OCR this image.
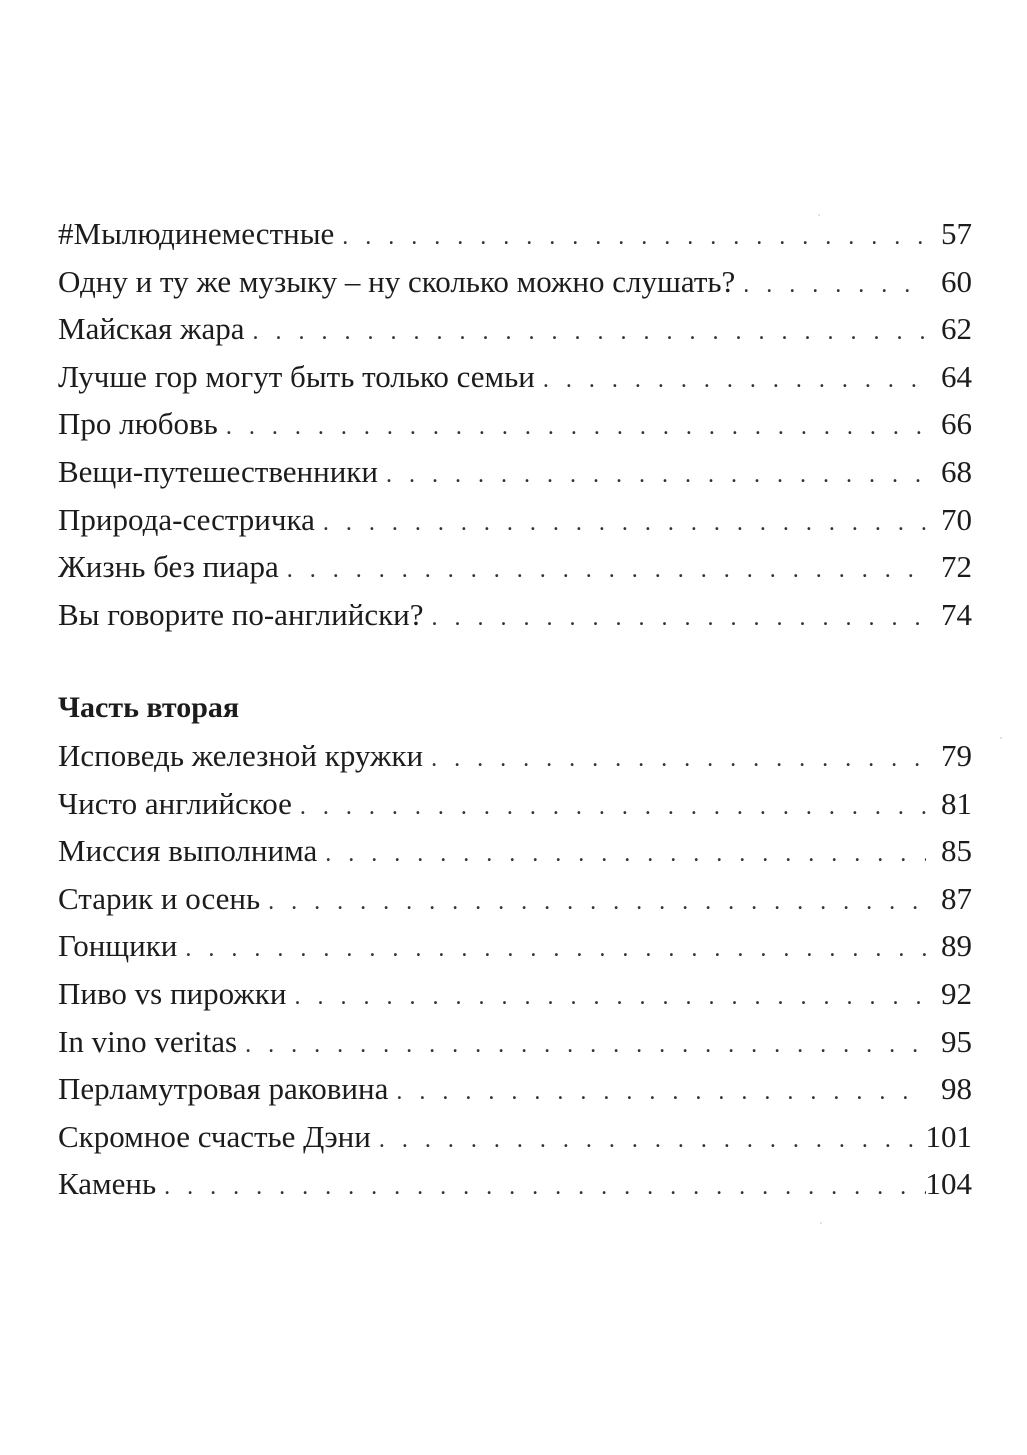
#Мылюдинеместные . . .	57
Одну и ту же музыку – ну сколько можно слушать? . . .	60
Майская жара . . .	62
Лучше гор могут быть только семьи . . .	64
Про любовь . . .	66
Вещи-путешественники . . .	68
Природа-сестричка . . .	70
Жизнь без пиара . . .	72
Вы говорите по-английски? . . .	74
Часть вторая
Исповедь железной кружки . . .	79
Чисто английское . . .	81
Миссия выполнима . . .	85
Старик и осень . . .	87
Гонщики . . .	89
Пиво vs пирожки . . .	92
In vino veritas . . .	95
Перламутровая раковина . . .	98
Скромное счастье Дэни . . .	101
Камень . . .	104
